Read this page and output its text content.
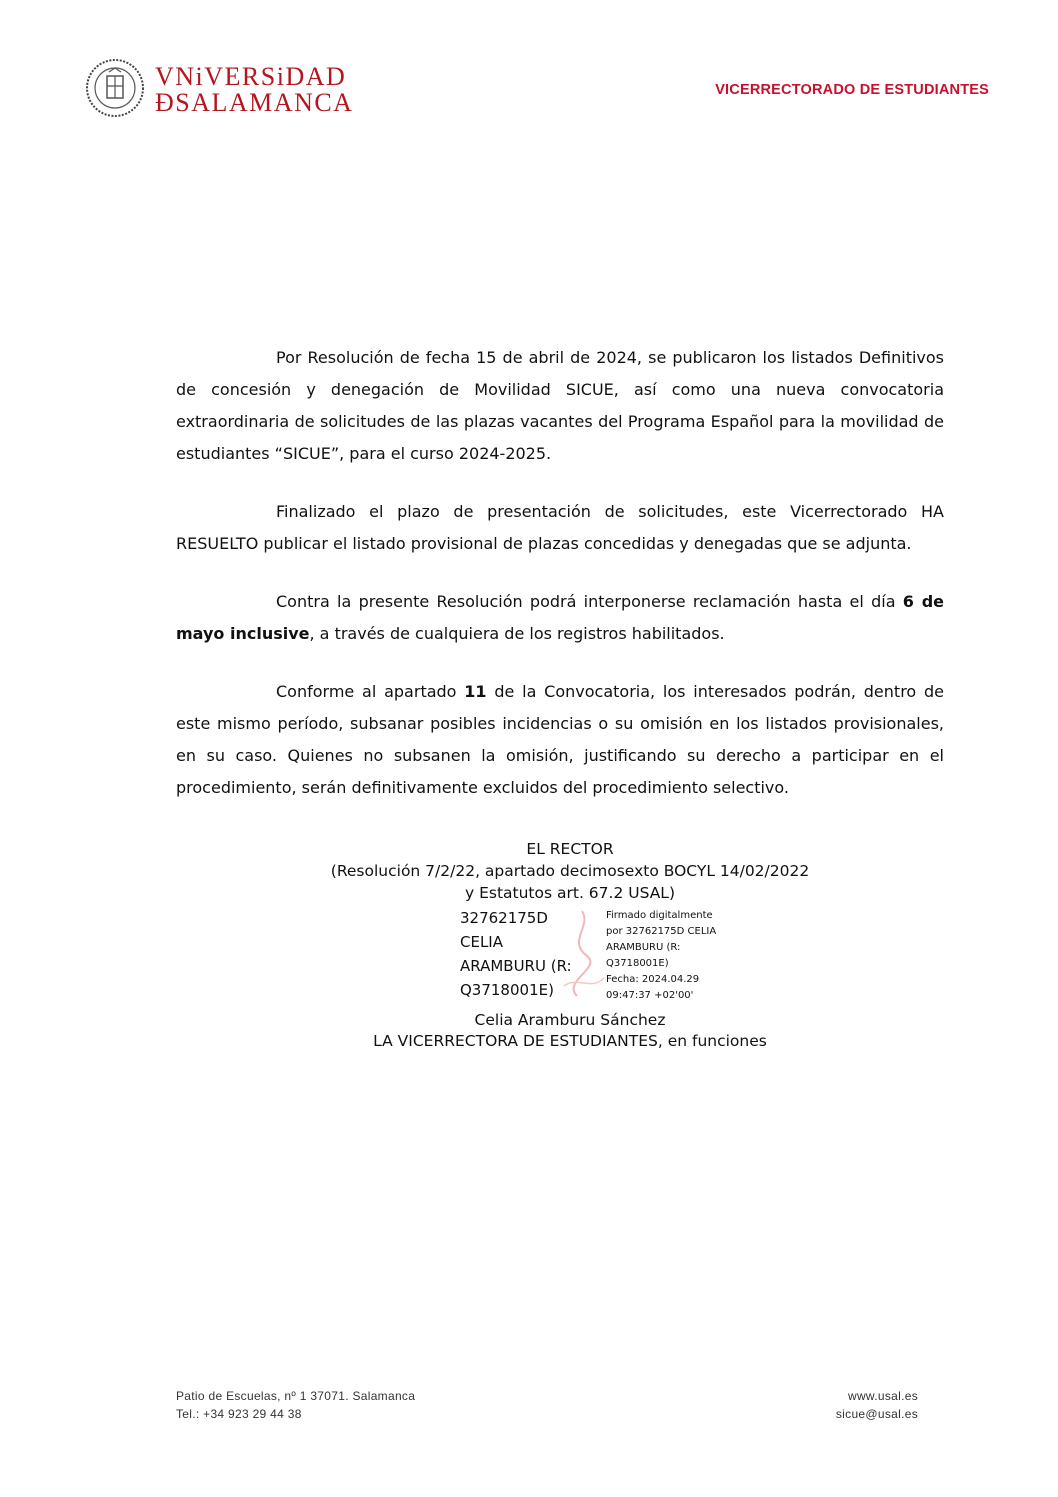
VNiVERSiDAD
ÐSALAMANCA	VICERRECTORADO DE ESTUDIANTES

Por Resolución de fecha 15 de abril de 2024, se publicaron los listados Definitivos de concesión y denegación de Movilidad SICUE, así como una nueva convocatoria extraordinaria de solicitudes de las plazas vacantes del Programa Español para la movilidad de estudiantes “SICUE”, para el curso 2024-2025.

Finalizado el plazo de presentación de solicitudes, este Vicerrectorado HA RESUELTO publicar el listado provisional de plazas concedidas y denegadas que se adjunta.

Contra la presente Resolución podrá interponerse reclamación hasta el día 6 de mayo inclusive, a través de cualquiera de los registros habilitados.

Conforme al apartado 11 de la Convocatoria, los interesados podrán, dentro de este mismo período, subsanar posibles incidencias o su omisión en los listados provisionales, en su caso. Quienes no subsanen la omisión, justificando su derecho a participar en el procedimiento, serán definitivamente excluidos del procedimiento selectivo.

EL RECTOR
(Resolución 7/2/22, apartado decimosexto BOCYL 14/02/2022
y Estatutos art. 67.2 USAL)
32762175D
CELIA
ARAMBURU (R:
Q3718001E)
Firmado digitalmente
por 32762175D CELIA
ARAMBURU (R:
Q3718001E)
Fecha: 2024.04.29
09:47:37 +02'00'
Celia Aramburu Sánchez
LA VICERRECTORA DE ESTUDIANTES, en funciones
Patio de Escuelas, nº 1 37071. Salamanca
Tel.: +34 923 29 44 38
www.usal.es
sicue@usal.es
